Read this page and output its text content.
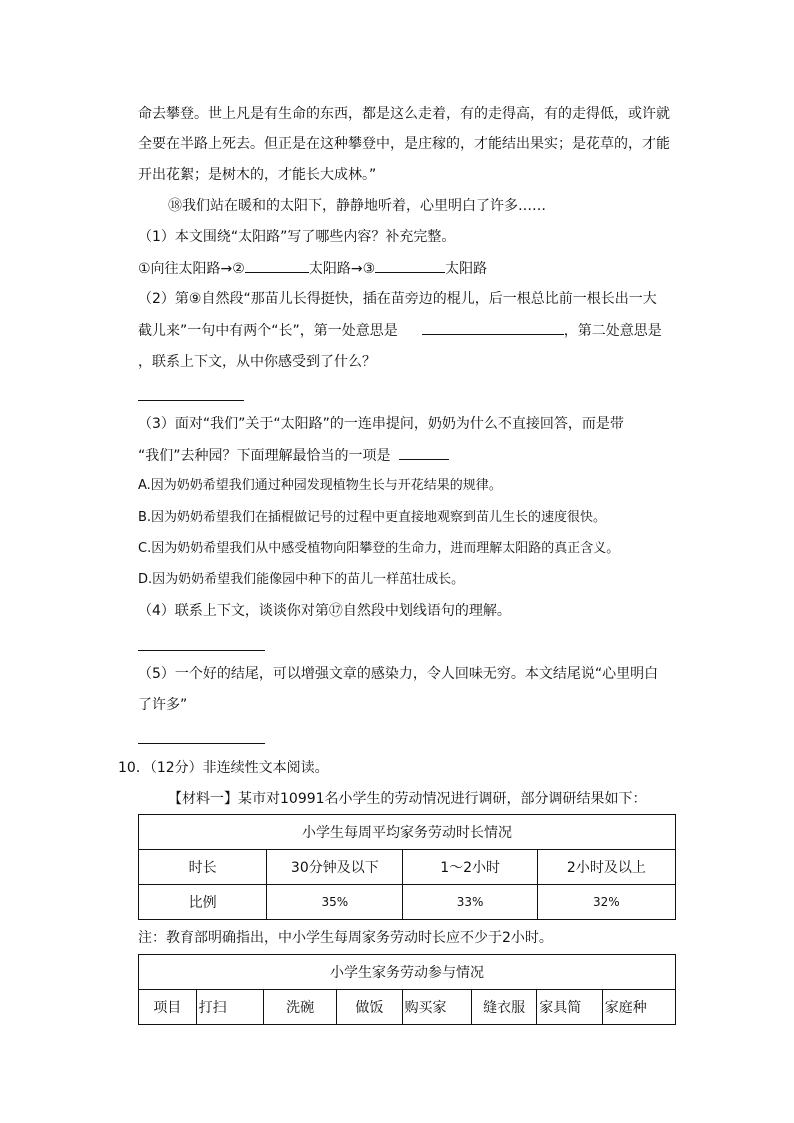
命去攀登。世上凡是有生命的东西，都是这么走着，有的走得高，有的走得低，或许就
全要在半路上死去。但正是在这种攀登中，是庄稼的，才能结出果实；是花草的，才能
开出花絮；是树木的，才能长大成林。”
⑱我们站在暖和的太阳下，静静地听着，心里明白了许多……
（1）本文围绕“太阳路”写了哪些内容？补充完整。
①向往太阳路→②	太阳路→③	太阳路
（2）第⑨自然段“那苗儿长得挺快，插在苗旁边的棍儿，后一根总比前一根长出一大
截儿来”一句中有两个“长”，第一处意思是	，第二处意思是
，联系上下文，从中你感受到了什么？
（3）面对“我们”关于“太阳路”的一连串提问，奶奶为什么不直接回答，而是带
“我们”去种园？下面理解最恰当的一项是
A.因为奶奶希望我们通过种园发现植物生长与开花结果的规律。
B.因为奶奶希望我们在插棍做记号的过程中更直接地观察到苗儿生长的速度很快。
C.因为奶奶希望我们从中感受植物向阳攀登的生命力，进而理解太阳路的真正含义。
D.因为奶奶希望我们能像园中种下的苗儿一样茁壮成长。
（4）联系上下文，谈谈你对第⑰自然段中划线语句的理解。
（5）一个好的结尾，可以增强文章的感染力，令人回味无穷。本文结尾说“心里明白
了许多”
10．（12分）非连续性文本阅读。
【材料一】某市对10991名小学生的劳动情况进行调研，部分调研结果如下：
小学生每周平均家务劳动时长情况			
时长	30分钟及以下	1～2小时	2小时及以上
比例	35%	33%	32%
注：教育部明确指出，中小学生每周家务劳动时长应不少于2小时。
小学生家务劳动参与情况
项目	打扫	洗碗	做饭	购买家	缝衣服	家具简	家庭种
